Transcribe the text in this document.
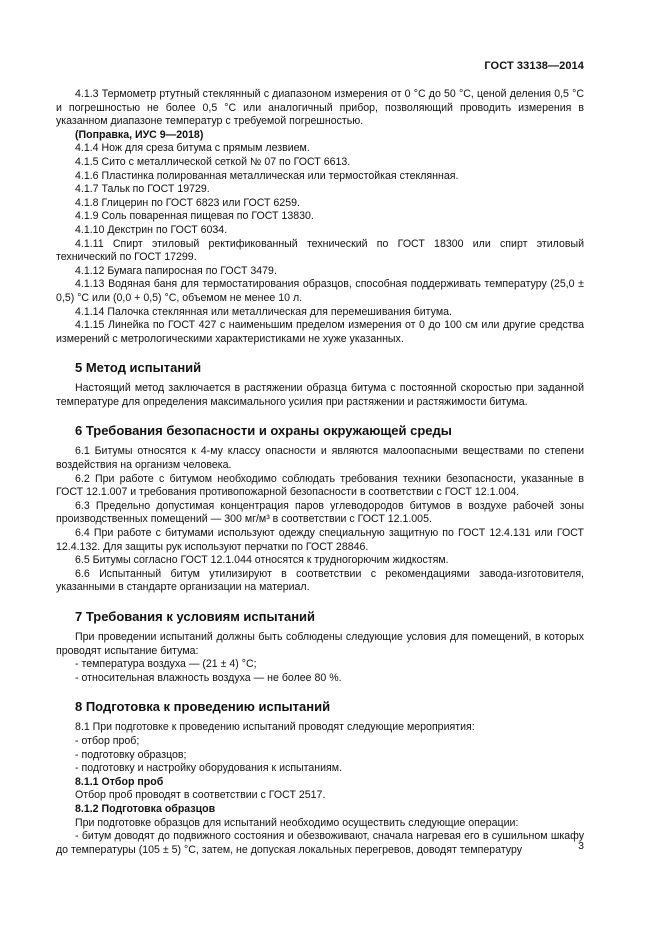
ГОСТ 33138—2014
4.1.3 Термометр ртутный стеклянный с диапазоном измерения от 0 °С до 50 °С, ценой деления 0,5 °С и погрешностью не более 0,5 °С или аналогичный прибор, позволяющий проводить измерения в указанном диапазоне температур с требуемой погрешностью.
(Поправка, ИУС 9—2018)
4.1.4 Нож для среза битума с прямым лезвием.
4.1.5 Сито с металлической сеткой № 07 по ГОСТ 6613.
4.1.6 Пластинка полированная металлическая или термостойкая стеклянная.
4.1.7 Тальк по ГОСТ 19729.
4.1.8 Глицерин по ГОСТ 6823 или ГОСТ 6259.
4.1.9 Соль поваренная пищевая по ГОСТ 13830.
4.1.10 Декстрин по ГОСТ 6034.
4.1.11 Спирт этиловый ректификованный технический по ГОСТ 18300 или спирт этиловый технический по ГОСТ 17299.
4.1.12 Бумага папиросная по ГОСТ 3479.
4.1.13 Водяная баня для термостатирования образцов, способная поддерживать температуру (25,0 ± 0,5) °С или (0,0 + 0,5) °С, объемом не менее 10 л.
4.1.14 Палочка стеклянная или металлическая для перемешивания битума.
4.1.15 Линейка по ГОСТ 427 с наименьшим пределом измерения от 0 до 100 см или другие средства измерений с метрологическими характеристиками не хуже указанных.
5 Метод испытаний
Настоящий метод заключается в растяжении образца битума с постоянной скоростью при заданной температуре для определения максимального усилия при растяжении и растяжимости битума.
6 Требования безопасности и охраны окружающей среды
6.1 Битумы относятся к 4-му классу опасности и являются малоопасными веществами по степени воздействия на организм человека.
6.2 При работе с битумом необходимо соблюдать требования техники безопасности, указанные в ГОСТ 12.1.007 и требования противопожарной безопасности в соответствии с ГОСТ 12.1.004.
6.3 Предельно допустимая концентрация паров углеводородов битумов в воздухе рабочей зоны производственных помещений — 300 мг/м³ в соответствии с ГОСТ 12.1.005.
6.4 При работе с битумами используют одежду специальную защитную по ГОСТ 12.4.131 или ГОСТ 12.4.132. Для защиты рук используют перчатки по ГОСТ 28846.
6.5 Битумы согласно ГОСТ 12.1.044 относятся к трудногорючим жидкостям.
6.6 Испытанный битум утилизируют в соответствии с рекомендациями завода-изготовителя, указанными в стандарте организации на материал.
7 Требования к условиям испытаний
При проведении испытаний должны быть соблюдены следующие условия для помещений, в которых проводят испытание битума:
- температура воздуха — (21 ± 4) °С;
- относительная влажность воздуха — не более 80 %.
8 Подготовка к проведению испытаний
8.1 При подготовке к проведению испытаний проводят следующие мероприятия:
- отбор проб;
- подготовку образцов;
- подготовку и настройку оборудования к испытаниям.
8.1.1 Отбор проб
Отбор проб проводят в соответствии с ГОСТ 2517.
8.1.2 Подготовка образцов
При подготовке образцов для испытаний необходимо осуществить следующие операции:
- битум доводят до подвижного состояния и обезвоживают, сначала нагревая его в сушильном шкафу до температуры (105 ± 5) °С, затем, не допуская локальных перегревов, доводят температуру	3
